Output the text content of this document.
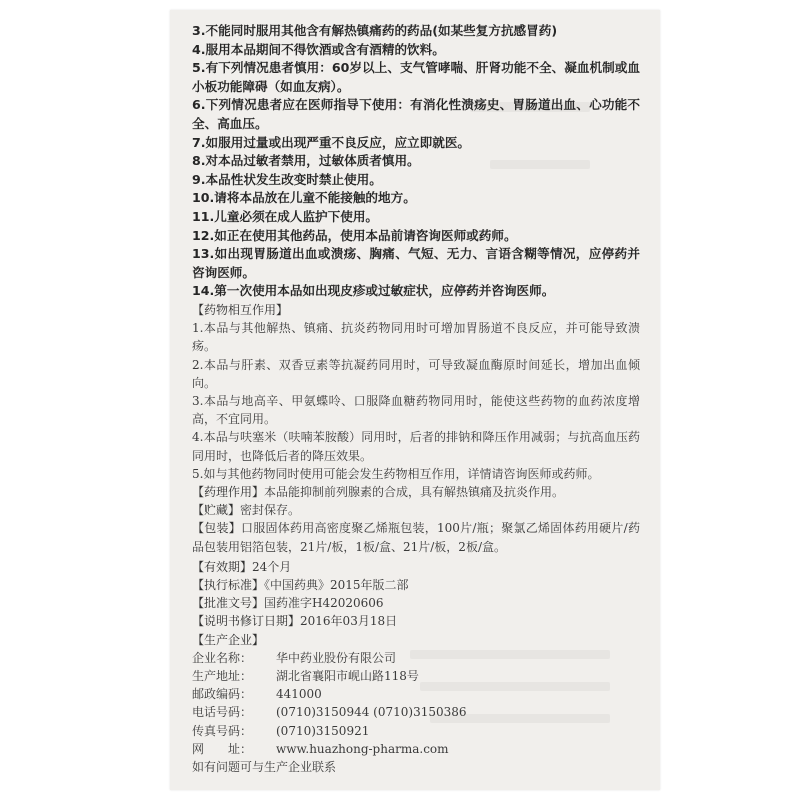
3.不能同时服用其他含有解热镇痛药的药品(如某些复方抗感冒药)

4.服用本品期间不得饮酒或含有酒精的饮料。

5.有下列情况患者慎用：60岁以上、支气管哮喘、肝肾功能不全、凝血机制或血小板功能障碍（如血友病）。

6.下列情况患者应在医师指导下使用：有消化性溃疡史、胃肠道出血、心功能不全、高血压。

7.如服用过量或出现严重不良反应，应立即就医。

8.对本品过敏者禁用，过敏体质者慎用。

9.本品性状发生改变时禁止使用。

10.请将本品放在儿童不能接触的地方。

11.儿童必须在成人监护下使用。

12.如正在使用其他药品，使用本品前请咨询医师或药师。

13.如出现胃肠道出血或溃疡、胸痛、气短、无力、言语含糊等情况，应停药并咨询医师。

14.第一次使用本品如出现皮疹或过敏症状，应停药并咨询医师。

【药物相互作用】

1.本品与其他解热、镇痛、抗炎药物同用时可增加胃肠道不良反应，并可能导致溃疡。

2.本品与肝素、双香豆素等抗凝药同用时，可导致凝血酶原时间延长，增加出血倾向。

3.本品与地高辛、甲氨蝶呤、口服降血糖药物同用时，能使这些药物的血药浓度增高，不宜同用。

4.本品与呋塞米（呋喃苯胺酸）同用时，后者的排钠和降压作用减弱；与抗高血压药同用时，也降低后者的降压效果。

5.如与其他药物同时使用可能会发生药物相互作用，详情请咨询医师或药师。

【药理作用】本品能抑制前列腺素的合成，具有解热镇痛及抗炎作用。

【贮藏】密封保存。

【包装】口服固体药用高密度聚乙烯瓶包装，100片/瓶；聚氯乙烯固体药用硬片/药品包装用铝箔包装，21片/板，1板/盒、21片/板，2板/盒。

【有效期】24个月

【执行标准】《中国药典》2015年版二部

【批准文号】国药准字H42020606

【说明书修订日期】2016年03月18日

【生产企业】

企业名称： 华中药业股份有限公司

生产地址： 湖北省襄阳市岘山路118号

邮政编码： 441000

电话号码： (0710)3150944 (0710)3150386

传真号码： (0710)3150921

网　　址： www.huazhong-pharma.com

如有问题可与生产企业联系
